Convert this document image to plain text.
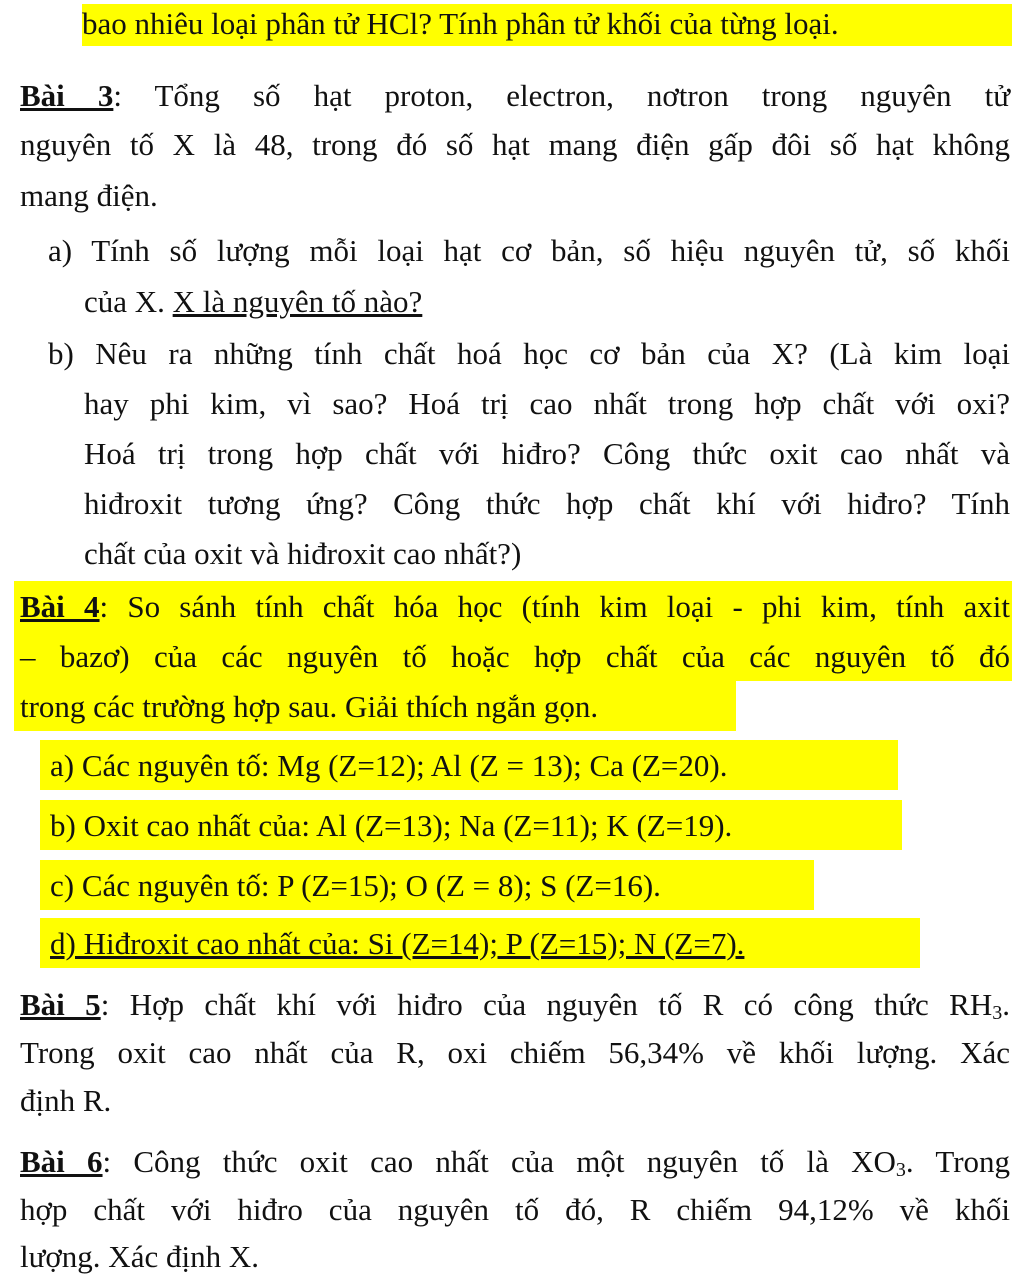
bao nhiêu loại phân tử HCl? Tính phân tử khối của từng loại.
Bài 3: Tổng số hạt proton, electron, nơtron trong nguyên tử
nguyên tố X là 48, trong đó số hạt mang điện gấp đôi số hạt không
mang điện.
a) Tính số lượng mỗi loại hạt cơ bản, số hiệu nguyên tử, số khối
của X. X là nguyên tố nào?
b) Nêu ra những tính chất hoá học cơ bản của X? (Là kim loại
hay phi kim, vì sao? Hoá trị cao nhất trong hợp chất với oxi?
Hoá trị trong hợp chất với hiđro? Công thức oxit cao nhất và
hiđroxit tương ứng? Công thức hợp chất khí với hiđro? Tính
chất của oxit và hiđroxit cao nhất?)
Bài 4: So sánh tính chất hóa học (tính kim loại - phi kim, tính axit
– bazơ) của các nguyên tố hoặc hợp chất của các nguyên tố đó
trong các trường hợp sau. Giải thích ngắn gọn.
a) Các nguyên tố: Mg (Z=12); Al (Z = 13); Ca (Z=20).
b) Oxit cao nhất của: Al (Z=13); Na (Z=11); K (Z=19).
c) Các nguyên tố: P (Z=15); O (Z = 8); S (Z=16).
d) Hiđroxit cao nhất của: Si (Z=14); P (Z=15); N (Z=7).
Bài 5: Hợp chất khí với hiđro của nguyên tố R có công thức $RH_3$.
Trong oxit cao nhất của R, oxi chiếm 56,34% về khối lượng. Xác
định R.
Bài 6: Công thức oxit cao nhất của một nguyên tố là $XO_3$. Trong
hợp chất với hiđro của nguyên tố đó, R chiếm 94,12% về khối
lượng. Xác định X.
